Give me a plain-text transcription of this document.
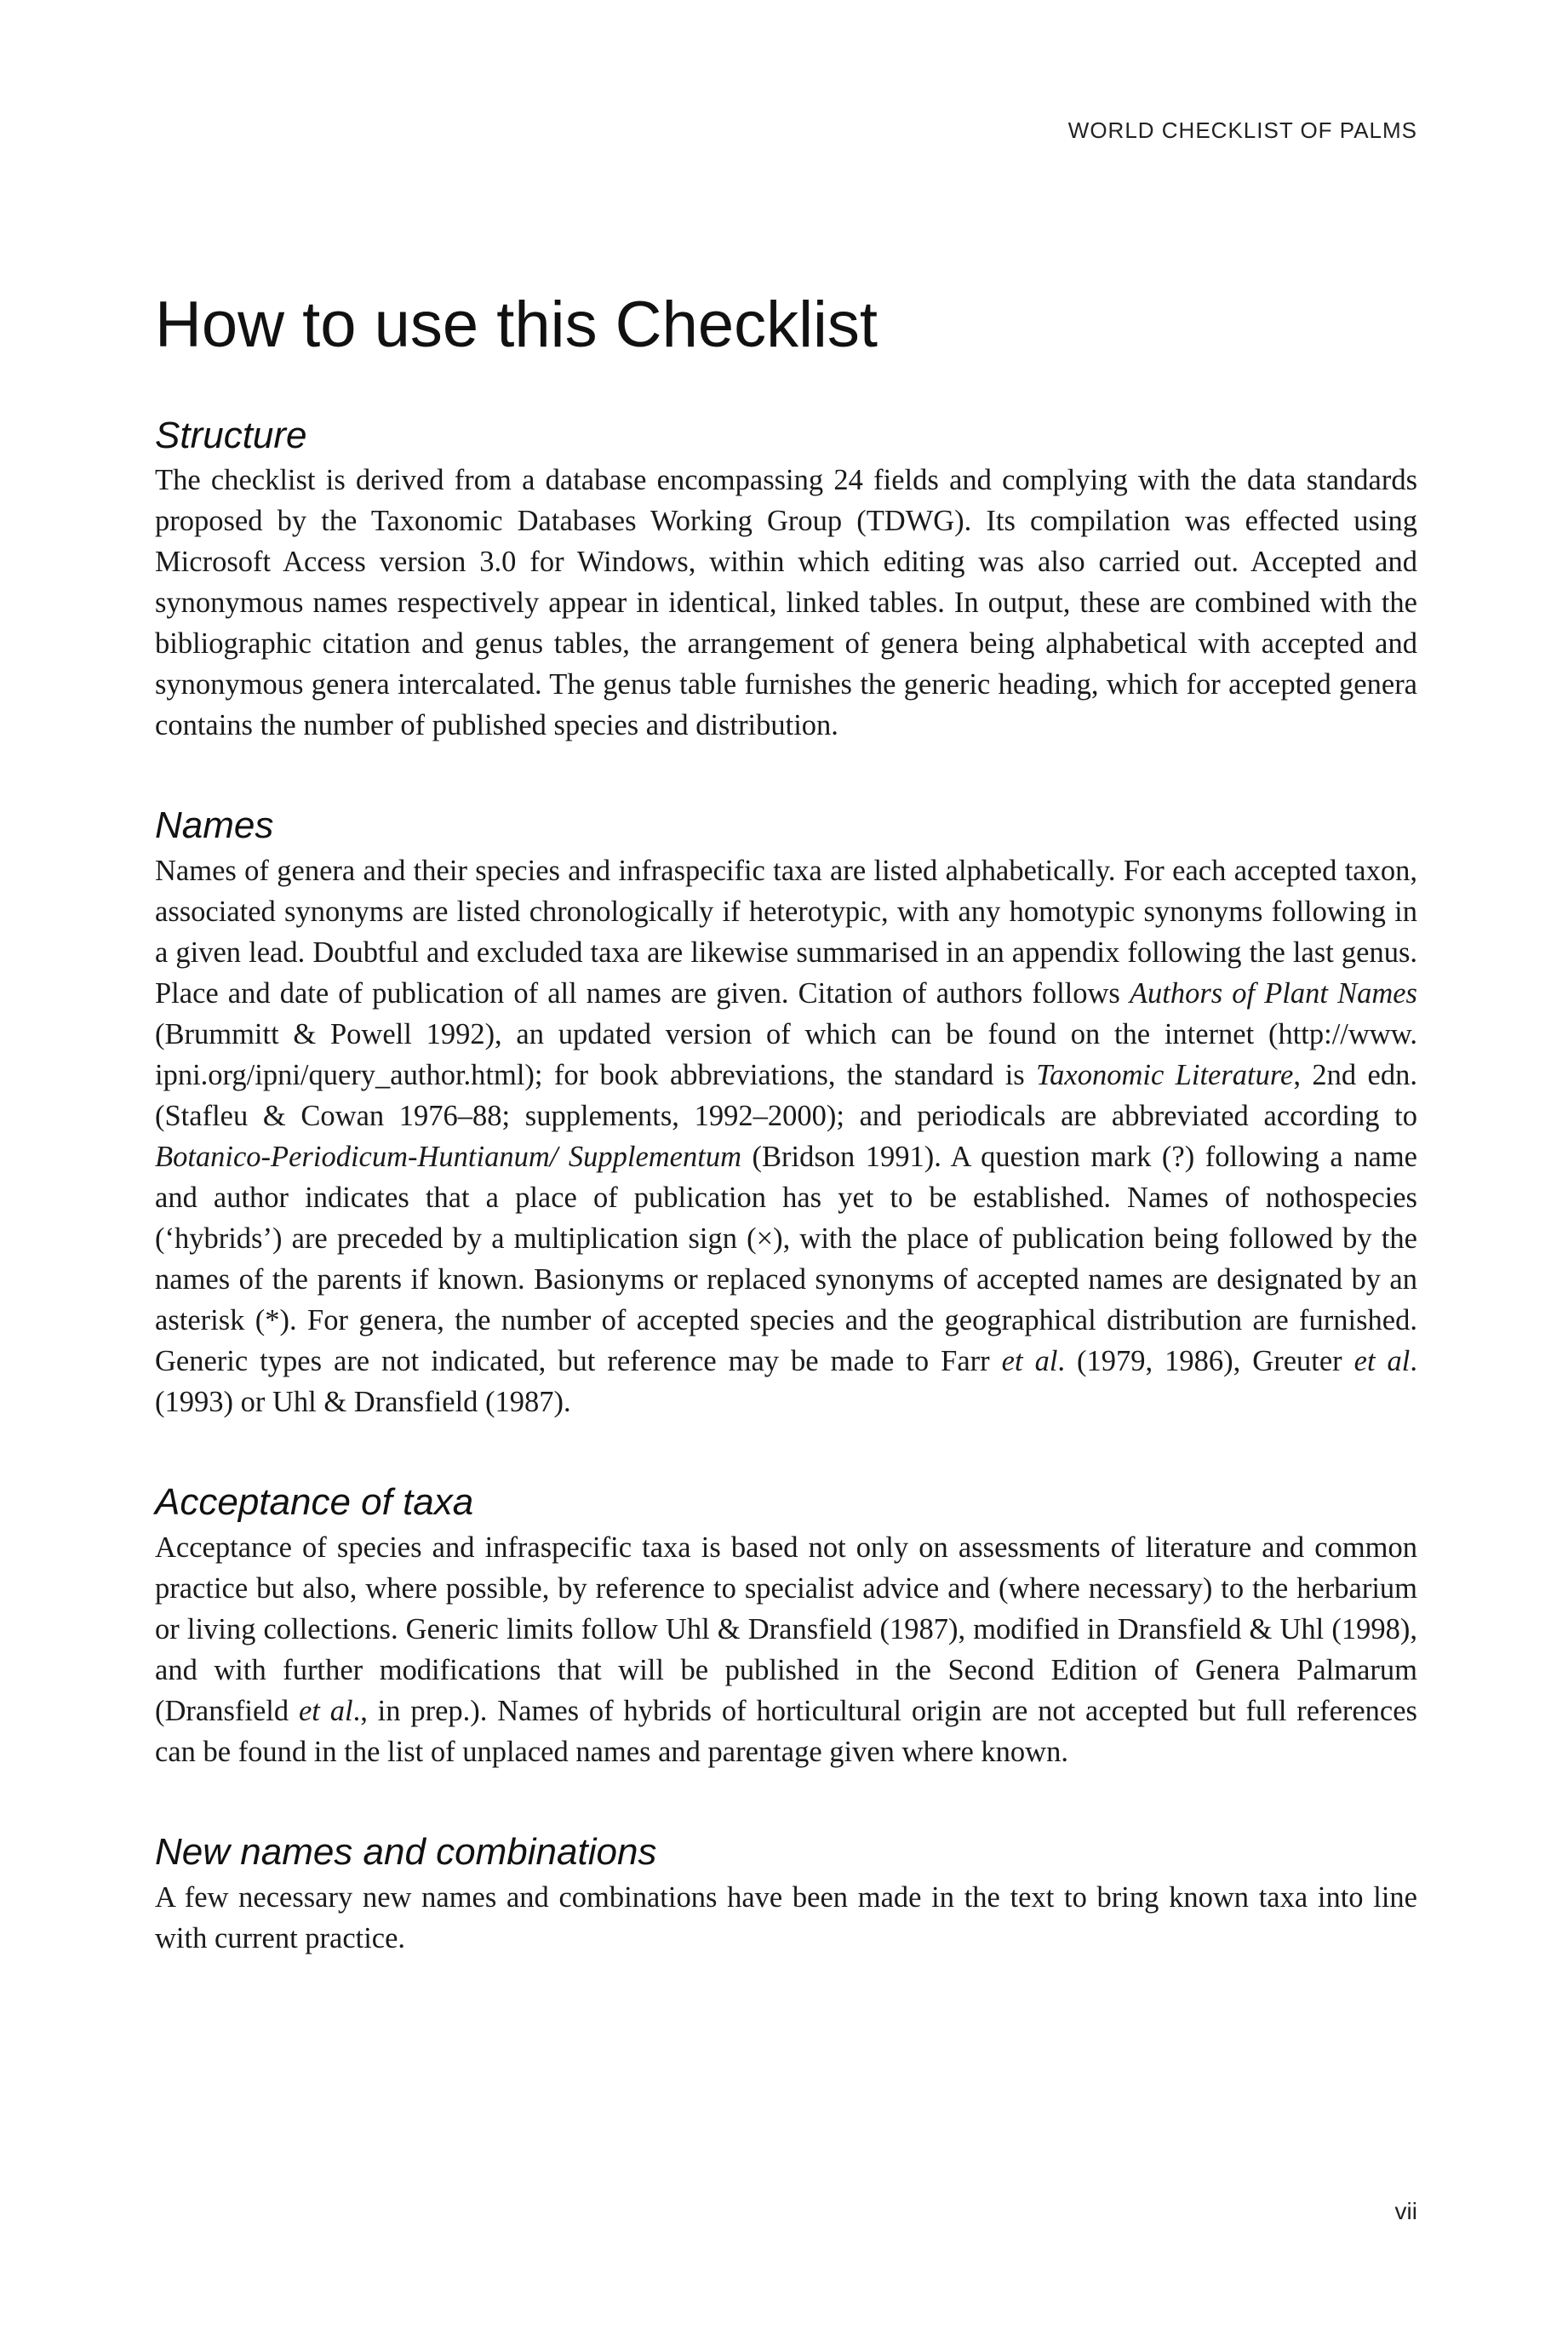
WORLD CHECKLIST OF PALMS
How to use this Checklist
Structure

The checklist is derived from a database encompassing 24 fields and complying with the data standards proposed by the Taxonomic Databases Working Group (TDWG). Its compilation was effected using Microsoft Access version 3.0 for Windows, within which editing was also carried out. Accepted and synonymous names respectively appear in identical, linked tables. In output, these are combined with the bibliographic citation and genus tables, the arrangement of genera being alphabetical with accepted and synonymous genera intercalated. The genus table furnishes the generic heading, which for accepted genera contains the number of published species and distribution.

Names

Names of genera and their species and infraspecific taxa are listed alphabetically. For each accepted taxon, associated synonyms are listed chronologically if heterotypic, with any homotypic synonyms following in a given lead. Doubtful and excluded taxa are likewise summarised in an appendix following the last genus. Place and date of publication of all names are given. Citation of authors follows Authors of Plant Names (Brummitt & Powell 1992), an updated version of which can be found on the internet (http://www. ipni.org/ipni/query_author.html); for book abbreviations, the standard is Taxonomic Literature, 2nd edn. (Stafleu & Cowan 1976–88; supplements, 1992–2000); and periodicals are abbreviated according to Botanico-Periodicum-Huntianum/ Supplementum (Bridson 1991). A question mark (?) following a name and author indicates that a place of publication has yet to be established. Names of nothospecies (‘hybrids’) are preceded by a multiplication sign (×), with the place of publication being followed by the names of the parents if known. Basionyms or replaced synonyms of accepted names are designated by an asterisk (*). For genera, the number of accepted species and the geographical distribution are furnished. Generic types are not indicated, but reference may be made to Farr et al. (1979, 1986), Greuter et al. (1993) or Uhl & Dransfield (1987).

Acceptance of taxa

Acceptance of species and infraspecific taxa is based not only on assessments of literature and common practice but also, where possible, by reference to specialist advice and (where necessary) to the herbarium or living collections. Generic limits follow Uhl & Dransfield (1987), modified in Dransfield & Uhl (1998), and with further modifications that will be published in the Second Edition of Genera Palmarum (Dransfield et al., in prep.). Names of hybrids of horticultural origin are not accepted but full references can be found in the list of unplaced names and parentage given where known.

New names and combinations

A few necessary new names and combinations have been made in the text to bring known taxa into line with current practice.

vii
